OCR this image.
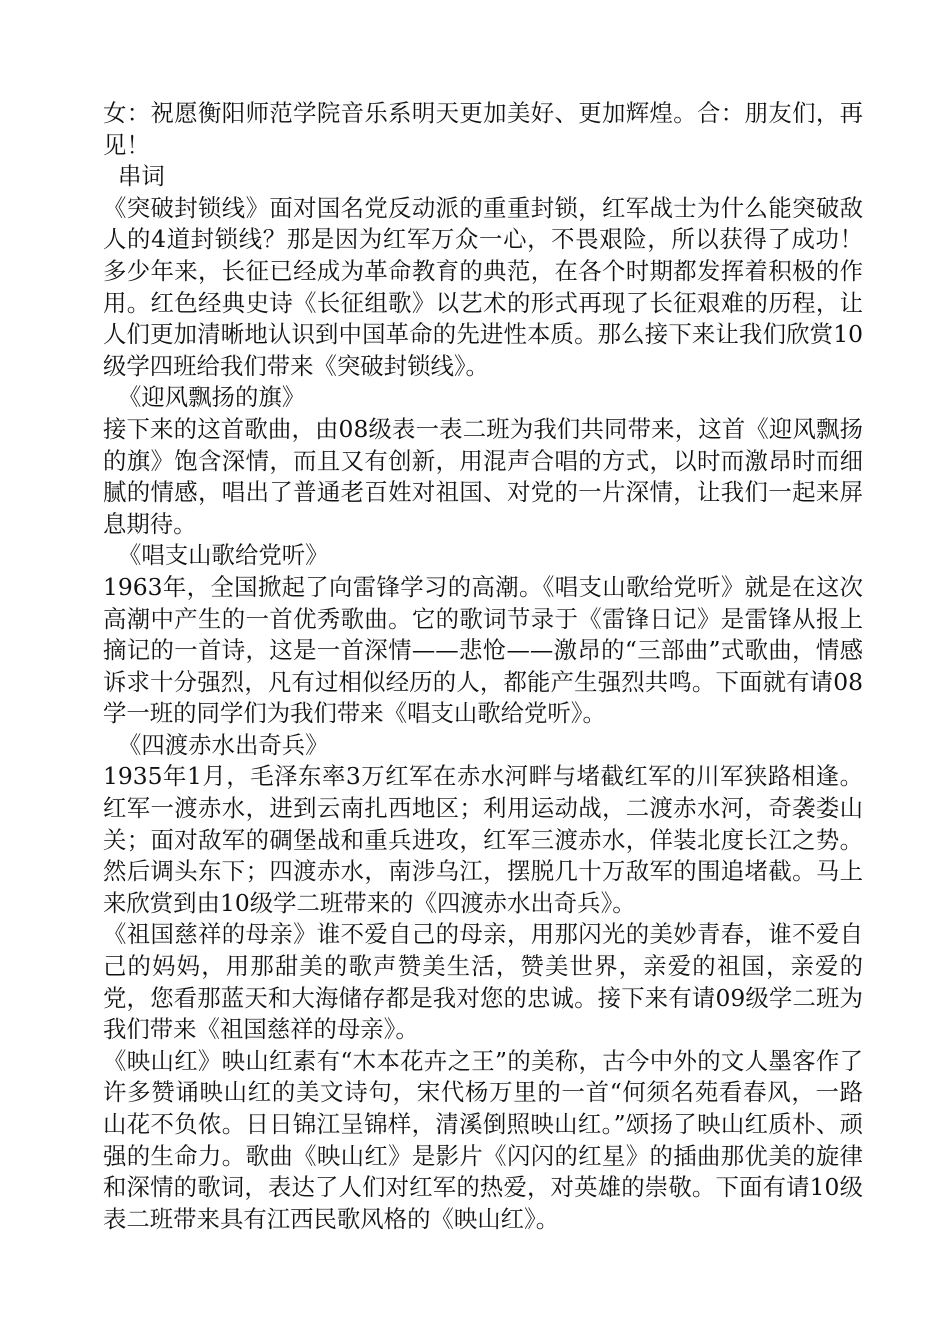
女：祝愿衡阳师范学院音乐系明天更加美好、更加辉煌。合：朋友们，再见！

串词

《突破封锁线》面对国名党反动派的重重封锁，红军战士为什么能突破敌人的4道封锁线？那是因为红军万众一心，不畏艰险，所以获得了成功！多少年来，长征已经成为革命教育的典范，在各个时期都发挥着积极的作用。红色经典史诗《长征组歌》以艺术的形式再现了长征艰难的历程，让人们更加清晰地认识到中国革命的先进性本质。那么接下来让我们欣赏10级学四班给我们带来《突破封锁线》。

《迎风飘扬的旗》

接下来的这首歌曲，由08级表一表二班为我们共同带来，这首《迎风飘扬的旗》饱含深情，而且又有创新，用混声合唱的方式，以时而激昂时而细腻的情感，唱出了普通老百姓对祖国、对党的一片深情，让我们一起来屏息期待。

《唱支山歌给党听》

1963年，全国掀起了向雷锋学习的高潮。《唱支山歌给党听》就是在这次高潮中产生的一首优秀歌曲。它的歌词节录于《雷锋日记》是雷锋从报上摘记的一首诗，这是一首深情——悲怆——激昂的“三部曲”式歌曲，情感诉求十分强烈，凡有过相似经历的人，都能产生强烈共鸣。下面就有请08学一班的同学们为我们带来《唱支山歌给党听》。

《四渡赤水出奇兵》

1935年1月，毛泽东率3万红军在赤水河畔与堵截红军的川军狭路相逢。红军一渡赤水，进到云南扎西地区；利用运动战，二渡赤水河，奇袭娄山关；面对敌军的碉堡战和重兵进攻，红军三渡赤水，佯装北度长江之势。然后调头东下；四渡赤水，南涉乌江，摆脱几十万敌军的围追堵截。马上来欣赏到由10级学二班带来的《四渡赤水出奇兵》。

《祖国慈祥的母亲》谁不爱自己的母亲，用那闪光的美妙青春，谁不爱自己的妈妈，用那甜美的歌声赞美生活，赞美世界，亲爱的祖国，亲爱的党，您看那蓝天和大海储存都是我对您的忠诚。接下来有请09级学二班为我们带来《祖国慈祥的母亲》。

《映山红》映山红素有“木本花卉之王”的美称，古今中外的文人墨客作了许多赞诵映山红的美文诗句，宋代杨万里的一首“何须名苑看春风，一路山花不负侬。日日锦江呈锦样，清溪倒照映山红。”颂扬了映山红质朴、顽强的生命力。歌曲《映山红》是影片《闪闪的红星》的插曲那优美的旋律和深情的歌词，表达了人们对红军的热爱，对英雄的崇敬。下面有请10级表二班带来具有江西民歌风格的《映山红》。
